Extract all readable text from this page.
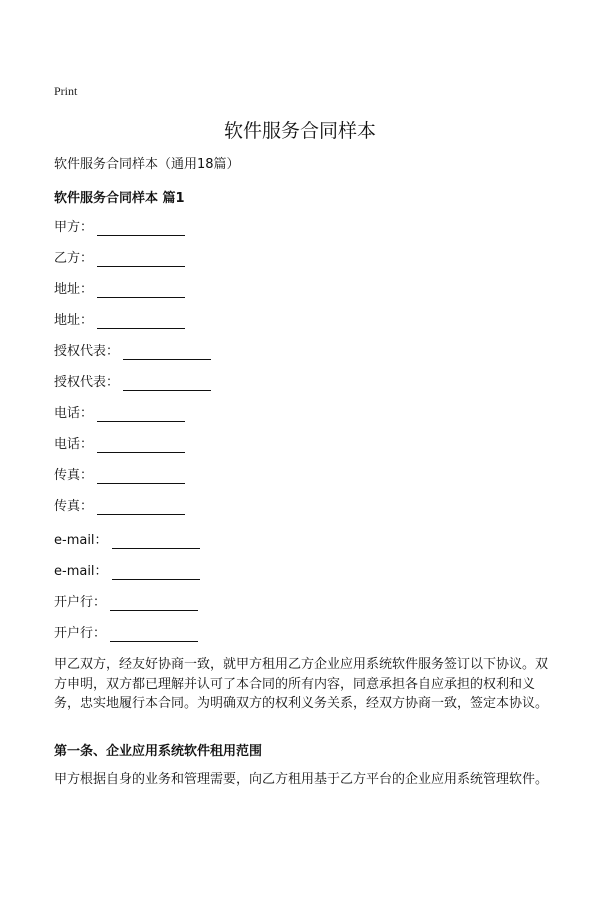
Print
软件服务合同样本
软件服务合同样本（通用18篇）
软件服务合同样本 篇1
甲方：
乙方：
地址：
地址：
授权代表：
授权代表：
电话：
电话：
传真：
传真：
e-mail：
e-mail：
开户行：
开户行：

甲乙双方，经友好协商一致，就甲方租用乙方企业应用系统软件服务签订以下协议。双方申明，双方都已理解并认可了本合同的所有内容，同意承担各自应承担的权利和义务，忠实地履行本合同。为明确双方的权利义务关系，经双方协商一致，签定本协议。

第一条、企业应用系统软件租用范围

甲方根据自身的业务和管理需要，向乙方租用基于乙方平台的企业应用系统管理软件。
